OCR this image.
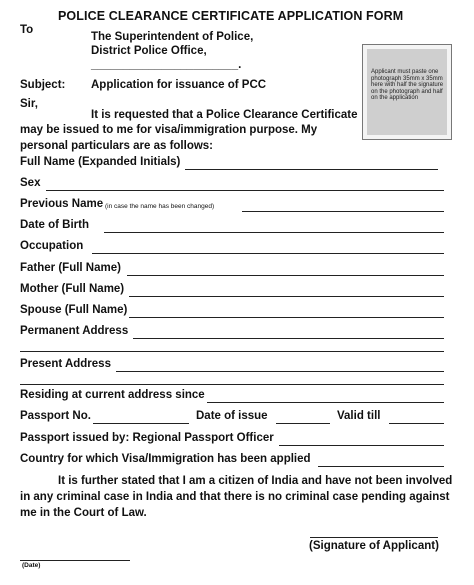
POLICE CLEARANCE CERTIFICATE APPLICATION FORM
To
The Superintendent of Police,
District Police Office,
_______________________.
Applicant must paste one photograph 35mm x 35mm here with half the signature on the photograph and half on the application
Subject: Application for issuance of PCC
Sir,
It is requested that a Police Clearance Certificate
may be issued to me for visa/immigration purpose. My
personal particulars are as follows:
Full Name (Expanded Initials)
Sex
Previous Name (in case the name has been changed)
Date of Birth
Occupation
Father (Full Name)
Mother (Full Name)
Spouse (Full Name)
Permanent Address
Present Address
Residing at current address since
Passport No.	Date of issue	Valid till
Passport issued by: Regional Passport Officer
Country for which Visa/Immigration has been applied
It is further stated that I am a citizen of India and have not been involved
in any criminal case in India and that there is no criminal case pending against
me in the Court of Law.
(Signature of Applicant)
(Date)
